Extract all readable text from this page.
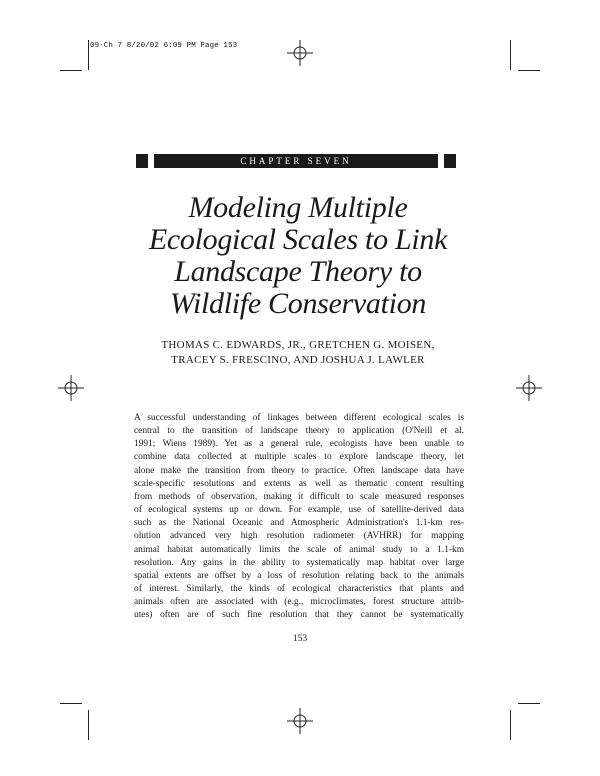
09-Ch 7 8/20/02 6:09 PM Page 153
CHAPTER SEVEN
Modeling Multiple
Ecological Scales to Link
Landscape Theory to
Wildlife Conservation
THOMAS C. EDWARDS, JR., GRETCHEN G. MOISEN,
TRACEY S. FRESCINO, AND JOSHUA J. LAWLER
A successful understanding of linkages between different ecological scales is
central to the transition of landscape theory to application (O'Neill et al.
1991; Wiens 1989). Yet as a general rule, ecologists have been unable to
combine data collected at multiple scales to explore landscape theory, let
alone make the transition from theory to practice. Often landscape data have
scale-specific resolutions and extents as well as thematic content resulting
from methods of observation, making it difficult to scale measured responses
of ecological systems up or down. For example, use of satellite-derived data
such as the National Oceanic and Atmospheric Administration's 1.1-km res-
olution advanced very high resolution radiometer (AVHRR) for mapping
animal habitat automatically limits the scale of animal study to a 1.1-km
resolution. Any gains in the ability to systematically map habitat over large
spatial extents are offset by a loss of resolution relating back to the animals
of interest. Similarly, the kinds of ecological characteristics that plants and
animals often are associated with (e.g., microclimates, forest structure attrib-
utes) often are of such fine resolution that they cannot be systematically
153
